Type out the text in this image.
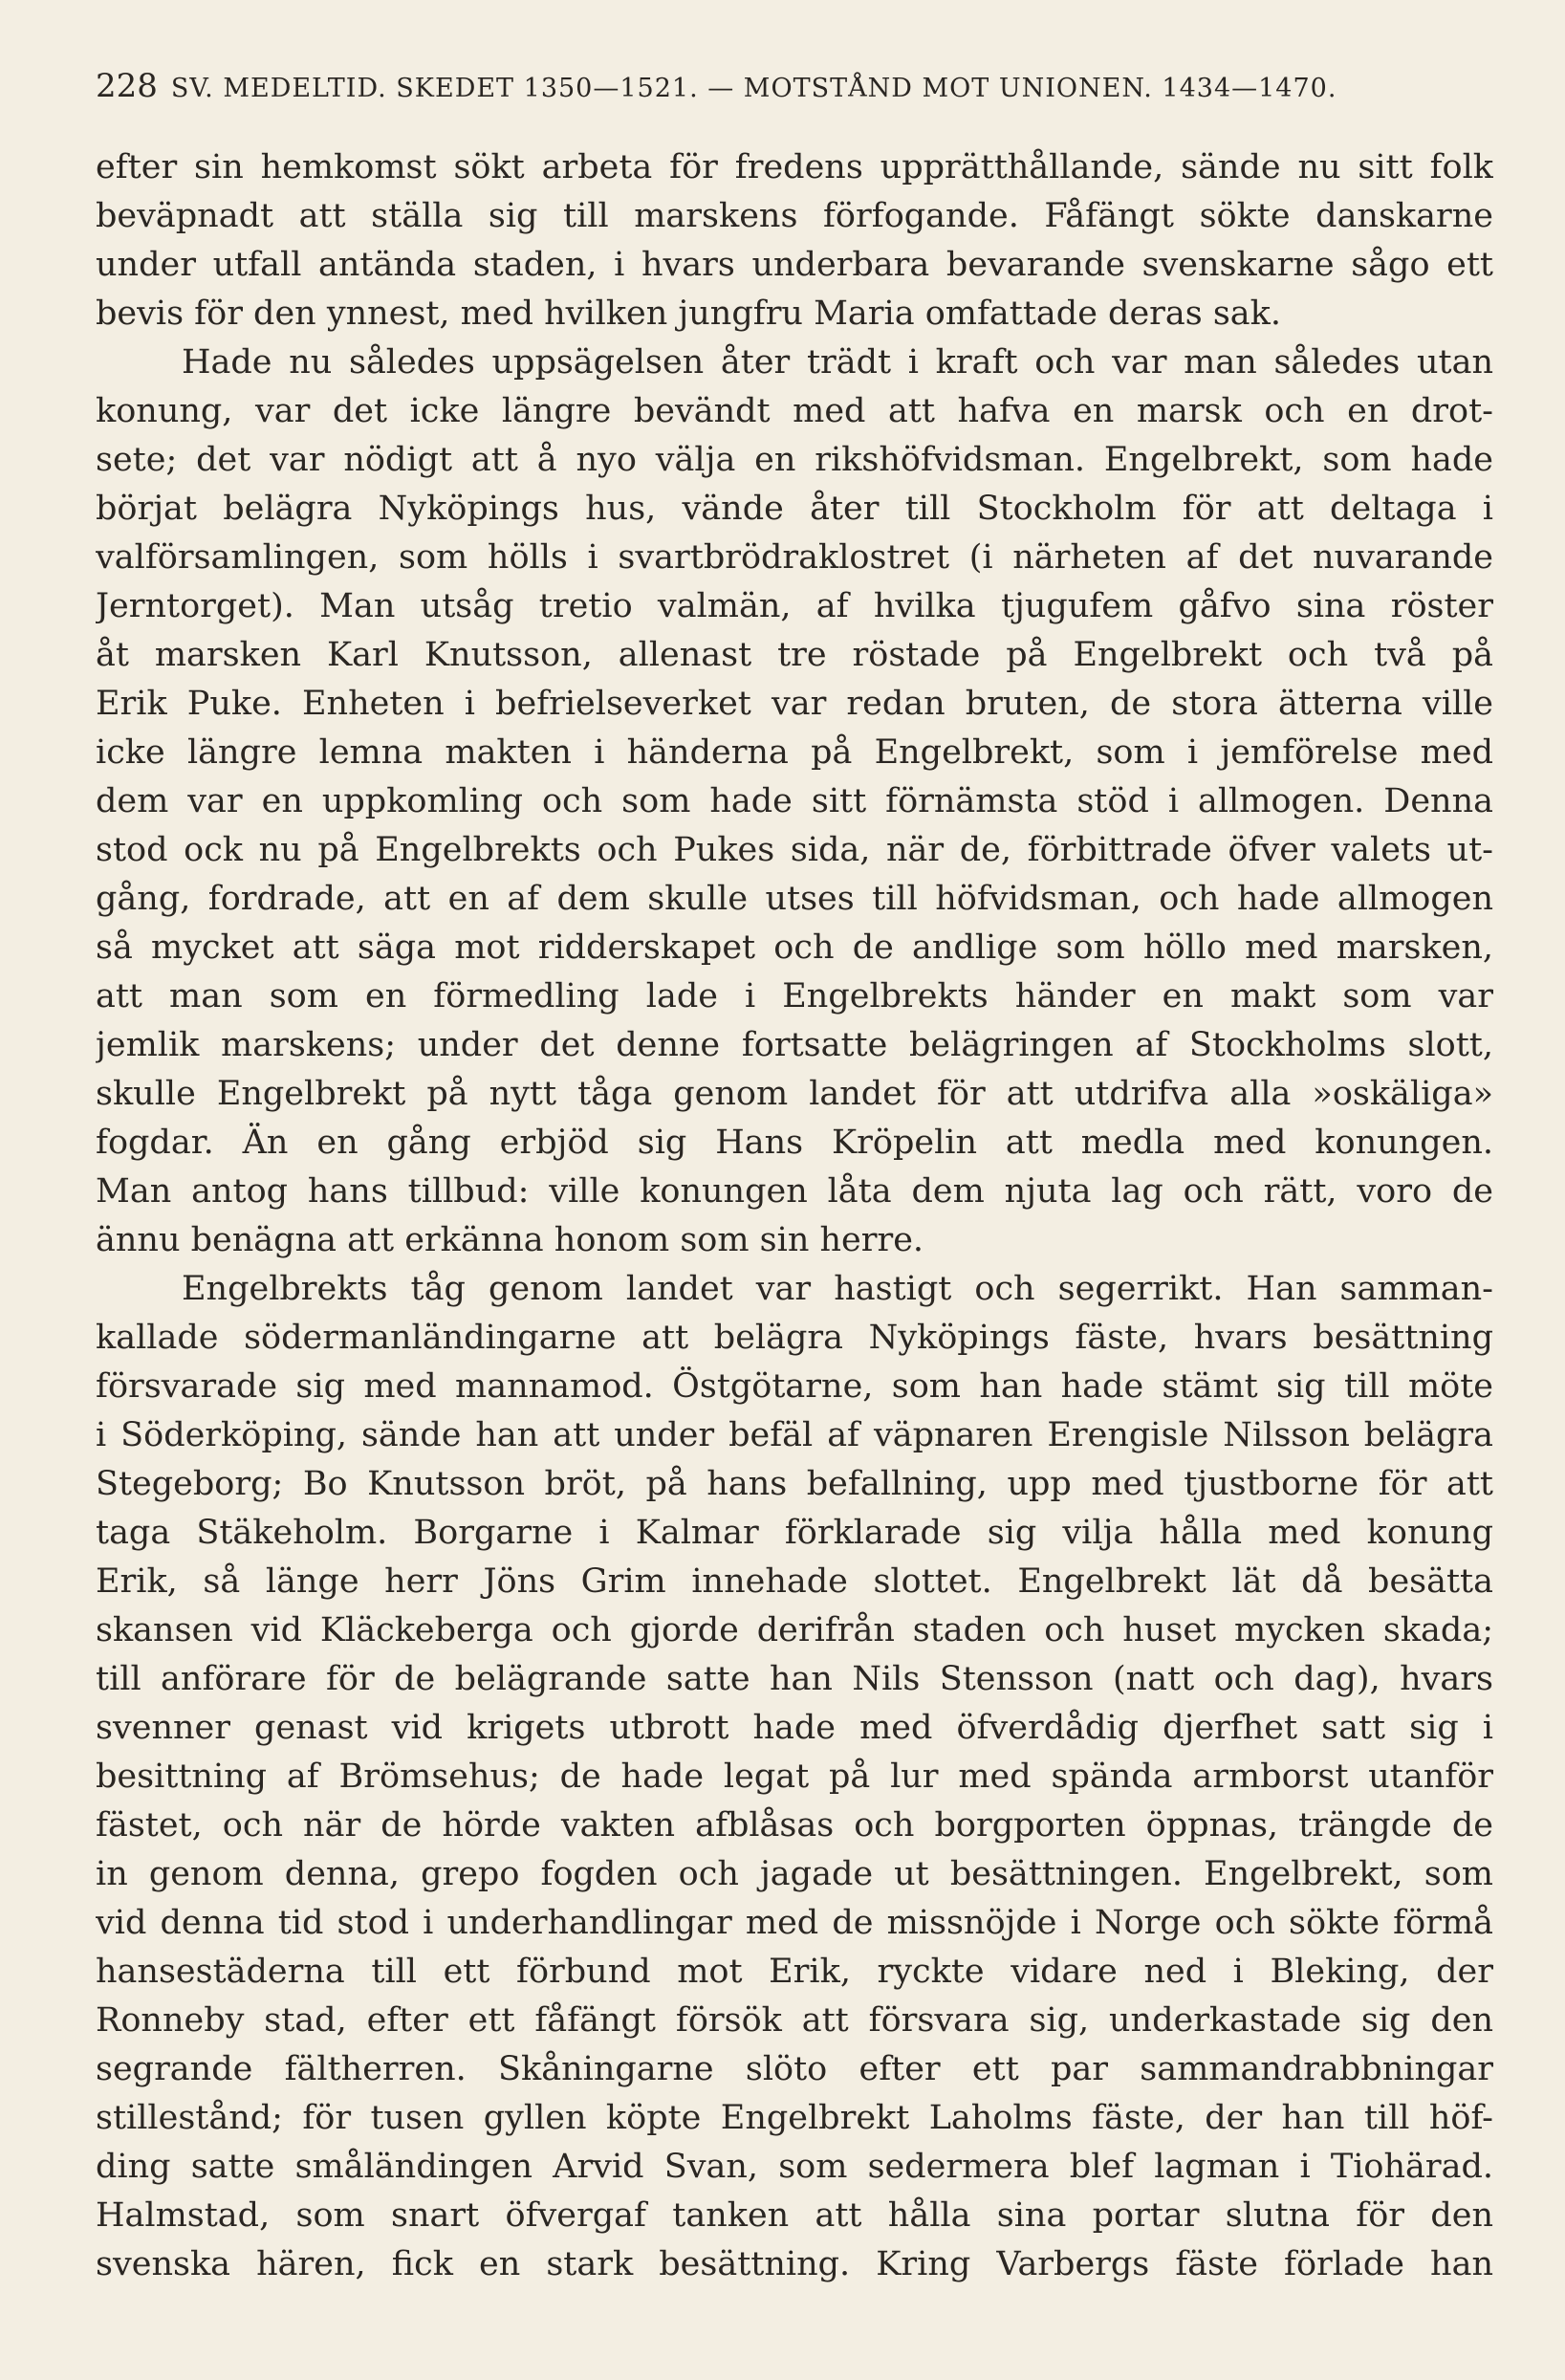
228 SV. MEDELTID. SKEDET 1350—1521. — MOTSTÅND MOT UNIONEN. 1434—1470.
efter sin hemkomst sökt arbeta för fredens upprätthållande, sände nu sitt folk
beväpnadt att ställa sig till marskens förfogande. Fåfängt sökte danskarne
under utfall antända staden, i hvars underbara bevarande svenskarne sågo ett
bevis för den ynnest, med hvilken jungfru Maria omfattade deras sak.
Hade nu således uppsägelsen åter trädt i kraft och var man således utan
konung, var det icke längre bevändt med att hafva en marsk och en drot-
sete; det var nödigt att å nyo välja en rikshöfvidsman. Engelbrekt, som hade
börjat belägra Nyköpings hus, vände åter till Stockholm för att deltaga i
valförsamlingen, som hölls i svartbrödraklostret (i närheten af det nuvarande
Jerntorget). Man utsåg tretio valmän, af hvilka tjugufem gåfvo sina röster
åt marsken Karl Knutsson, allenast tre röstade på Engelbrekt och två på
Erik Puke. Enheten i befrielseverket var redan bruten, de stora ätterna ville
icke längre lemna makten i händerna på Engelbrekt, som i jemförelse med
dem var en uppkomling och som hade sitt förnämsta stöd i allmogen. Denna
stod ock nu på Engelbrekts och Pukes sida, när de, förbittrade öfver valets ut-
gång, fordrade, att en af dem skulle utses till höfvidsman, och hade allmogen
så mycket att säga mot ridderskapet och de andlige som höllo med marsken,
att man som en förmedling lade i Engelbrekts händer en makt som var
jemlik marskens; under det denne fortsatte belägringen af Stockholms slott,
skulle Engelbrekt på nytt tåga genom landet för att utdrifva alla »oskäliga»
fogdar. Än en gång erbjöd sig Hans Kröpelin att medla med konungen.
Man antog hans tillbud: ville konungen låta dem njuta lag och rätt, voro de
ännu benägna att erkänna honom som sin herre.
Engelbrekts tåg genom landet var hastigt och segerrikt. Han samman-
kallade södermanländingarne att belägra Nyköpings fäste, hvars besättning
försvarade sig med mannamod. Östgötarne, som han hade stämt sig till möte
i Söderköping, sände han att under befäl af väpnaren Erengisle Nilsson belägra
Stegeborg; Bo Knutsson bröt, på hans befallning, upp med tjustborne för att
taga Stäkeholm. Borgarne i Kalmar förklarade sig vilja hålla med konung
Erik, så länge herr Jöns Grim innehade slottet. Engelbrekt lät då besätta
skansen vid Kläckeberga och gjorde derifrån staden och huset mycken skada;
till anförare för de belägrande satte han Nils Stensson (natt och dag), hvars
svenner genast vid krigets utbrott hade med öfverdådig djerfhet satt sig i
besittning af Brömsehus; de hade legat på lur med spända armborst utanför
fästet, och när de hörde vakten afblåsas och borgporten öppnas, trängde de
in genom denna, grepo fogden och jagade ut besättningen. Engelbrekt, som
vid denna tid stod i underhandlingar med de missnöjde i Norge och sökte förmå
hansestäderna till ett förbund mot Erik, ryckte vidare ned i Bleking, der
Ronneby stad, efter ett fåfängt försök att försvara sig, underkastade sig den
segrande fältherren. Skåningarne slöto efter ett par sammandrabbningar
stillestånd; för tusen gyllen köpte Engelbrekt Laholms fäste, der han till höf-
ding satte småländingen Arvid Svan, som sedermera blef lagman i Tiohärad.
Halmstad, som snart öfvergaf tanken att hålla sina portar slutna för den
svenska hären, fick en stark besättning. Kring Varbergs fäste förlade han
